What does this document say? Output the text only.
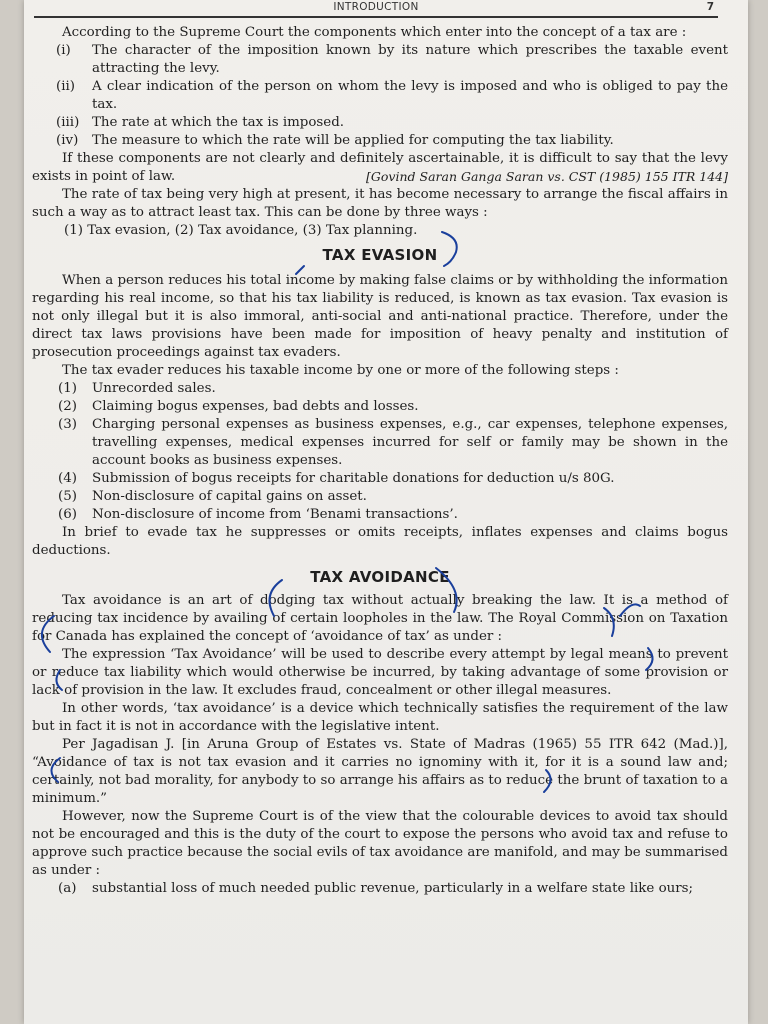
INTRODUCTION	7

According to the Supreme Court the components which enter into the concept of a tax are :

(i)	The character of the imposition known by its nature which prescribes the taxable event attracting the levy.
(ii)	A clear indication of the person on whom the levy is imposed and who is obliged to pay the tax.
(iii) The rate at which the tax is imposed.
(iv)	The measure to which the rate will be applied for computing the tax liability.

If these components are not clearly and definitely ascertainable, it is difficult to say that the levy exists in point of law.	[Govind Saran Ganga Saran vs. CST (1985) 155 ITR 144]

The rate of tax being very high at present, it has become necessary to arrange the fiscal affairs in such a way as to attract least tax. This can be done by three ways :

(1) Tax evasion, (2) Tax avoidance, (3) Tax planning.

TAX EVASION

When a person reduces his total income by making false claims or by withholding the information regarding his real income, so that his tax liability is reduced, is known as tax evasion. Tax evasion is not only illegal but it is also immoral, anti-social and anti-national practice. Therefore, under the direct tax laws provisions have been made for imposition of heavy penalty and institution of prosecution proceedings against tax evaders.

The tax evader reduces his taxable income by one or more of the following steps :

(1)	Unrecorded sales.
(2)	Claiming bogus expenses, bad debts and losses.
(3)	Charging personal expenses as business expenses, e.g., car expenses, telephone expenses, travelling expenses, medical expenses incurred for self or family may be shown in the account books as business expenses.
(4)	Submission of bogus receipts for charitable donations for deduction u/s 80G.
(5)	Non-disclosure of capital gains on asset.
(6)	Non-disclosure of income from ‘Benami transactions’.

In brief to evade tax he suppresses or omits receipts, inflates expenses and claims bogus deductions.

TAX AVOIDANCE

Tax avoidance is an art of dodging tax without actually breaking the law. It is a method of reducing tax incidence by availing of certain loopholes in the law. The Royal Commission on Taxation for Canada has explained the concept of ‘avoidance of tax’ as under :

The expression ‘Tax Avoidance’ will be used to describe every attempt by legal means to prevent or reduce tax liability which would otherwise be incurred, by taking advantage of some provision or lack of provision in the law. It excludes fraud, concealment or other illegal measures.

In other words, ‘tax avoidance’ is a device which technically satisfies the requirement of the law but in fact it is not in accordance with the legislative intent.

Per Jagadisan J. [in Aruna Group of Estates vs. State of Madras (1965) 55 ITR 642 (Mad.)], “Avoidance of tax is not tax evasion and it carries no ignominy with it, for it is a sound law and; certainly, not bad morality, for anybody to so arrange his affairs as to reduce the brunt of taxation to a minimum.”

However, now the Supreme Court is of the view that the colourable devices to avoid tax should not be encouraged and this is the duty of the court to expose the persons who avoid tax and refuse to approve such practice because the social evils of tax avoidance are manifold, and may be summarised as under :

(a)	substantial loss of much needed public revenue, particularly in a welfare state like ours;
